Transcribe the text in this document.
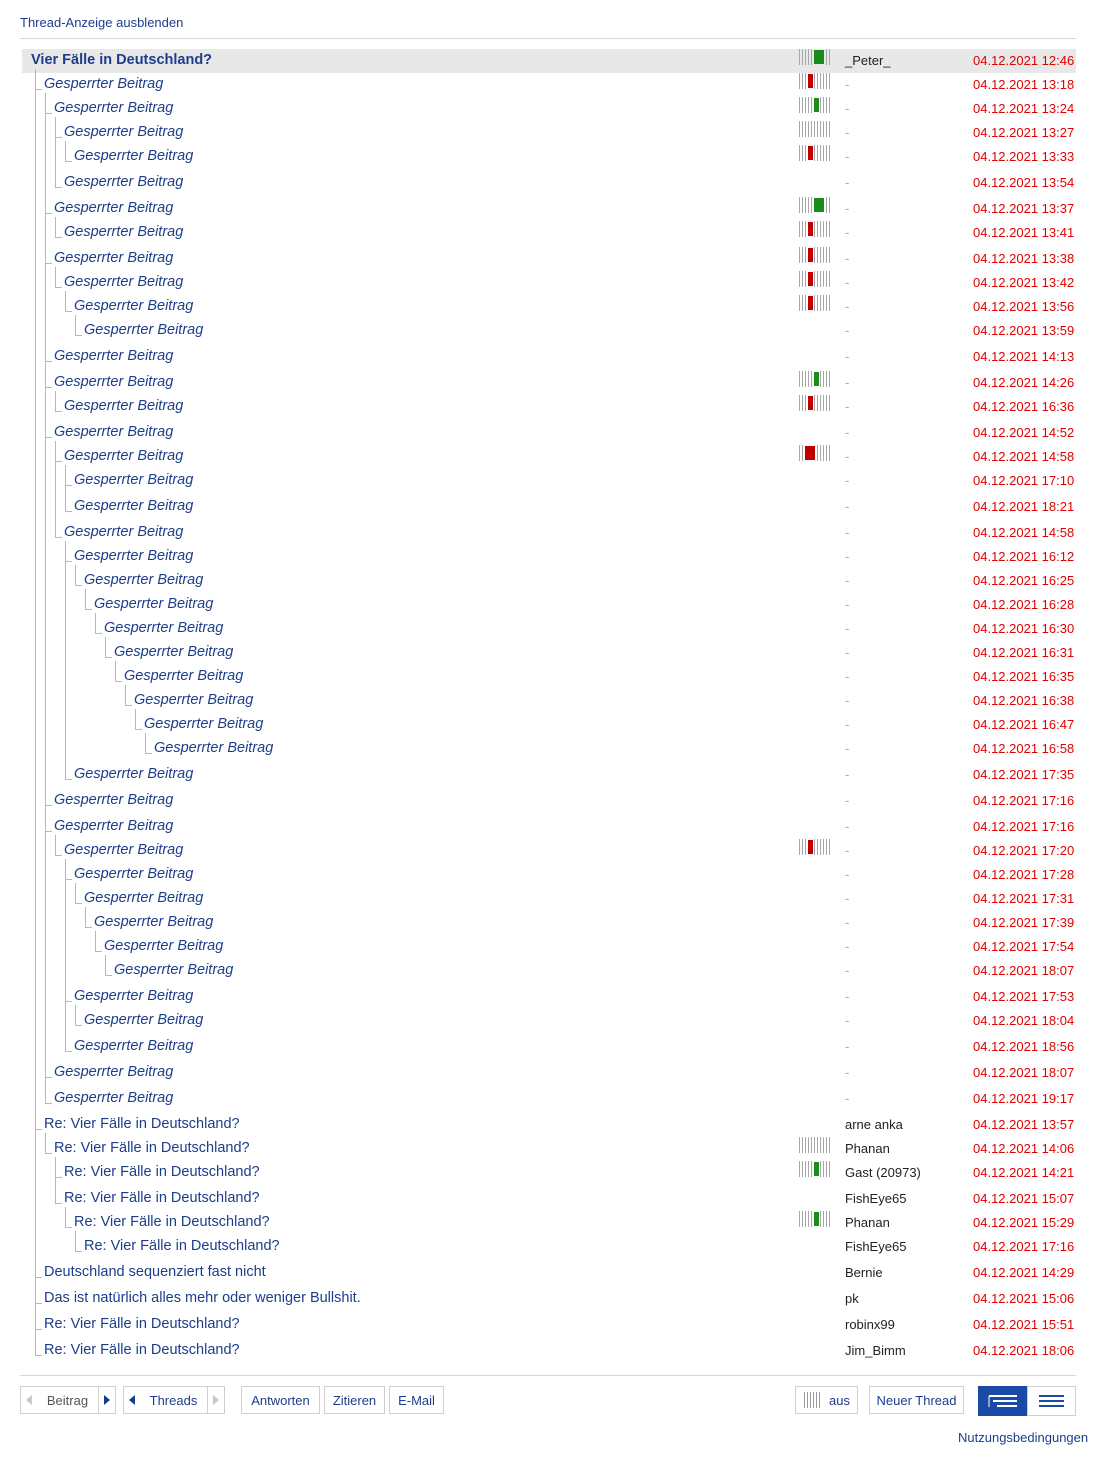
Thread-Anzeige ausblenden
Vier Fälle in Deutschland?	_Peter_	04.12.2021 12:46
Gesperrter Beitrag	-	04.12.2021 13:18
Gesperrter Beitrag	-	04.12.2021 13:24
Gesperrter Beitrag	-	04.12.2021 13:27
Gesperrter Beitrag	-	04.12.2021 13:33
Gesperrter Beitrag	-	04.12.2021 13:54
Gesperrter Beitrag	-	04.12.2021 13:37
Gesperrter Beitrag	-	04.12.2021 13:41
Gesperrter Beitrag	-	04.12.2021 13:38
Gesperrter Beitrag	-	04.12.2021 13:42
Gesperrter Beitrag	-	04.12.2021 13:56
Gesperrter Beitrag	-	04.12.2021 13:59
Gesperrter Beitrag	-	04.12.2021 14:13
Gesperrter Beitrag	-	04.12.2021 14:26
Gesperrter Beitrag	-	04.12.2021 16:36
Gesperrter Beitrag	-	04.12.2021 14:52
Gesperrter Beitrag	-	04.12.2021 14:58
Gesperrter Beitrag	-	04.12.2021 17:10
Gesperrter Beitrag	-	04.12.2021 18:21
Gesperrter Beitrag	-	04.12.2021 14:58
Gesperrter Beitrag	-	04.12.2021 16:12
Gesperrter Beitrag	-	04.12.2021 16:25
Gesperrter Beitrag	-	04.12.2021 16:28
Gesperrter Beitrag	-	04.12.2021 16:30
Gesperrter Beitrag	-	04.12.2021 16:31
Gesperrter Beitrag	-	04.12.2021 16:35
Gesperrter Beitrag	-	04.12.2021 16:38
Gesperrter Beitrag	-	04.12.2021 16:47
Gesperrter Beitrag	-	04.12.2021 16:58
Gesperrter Beitrag	-	04.12.2021 17:35
Gesperrter Beitrag	-	04.12.2021 17:16
Gesperrter Beitrag	-	04.12.2021 17:16
Gesperrter Beitrag	-	04.12.2021 17:20
Gesperrter Beitrag	-	04.12.2021 17:28
Gesperrter Beitrag	-	04.12.2021 17:31
Gesperrter Beitrag	-	04.12.2021 17:39
Gesperrter Beitrag	-	04.12.2021 17:54
Gesperrter Beitrag	-	04.12.2021 18:07
Gesperrter Beitrag	-	04.12.2021 17:53
Gesperrter Beitrag	-	04.12.2021 18:04
Gesperrter Beitrag	-	04.12.2021 18:56
Gesperrter Beitrag	-	04.12.2021 18:07
Gesperrter Beitrag	-	04.12.2021 19:17
Re: Vier Fälle in Deutschland?	arne anka	04.12.2021 13:57
Re: Vier Fälle in Deutschland?	Phanan	04.12.2021 14:06
Re: Vier Fälle in Deutschland?	Gast (20973)	04.12.2021 14:21
Re: Vier Fälle in Deutschland?	FishEye65	04.12.2021 15:07
Re: Vier Fälle in Deutschland?	Phanan	04.12.2021 15:29
Re: Vier Fälle in Deutschland?	FishEye65	04.12.2021 17:16
Deutschland sequenziert fast nicht	Bernie	04.12.2021 14:29
Das ist natürlich alles mehr oder weniger Bullshit.	pk	04.12.2021 15:06
Re: Vier Fälle in Deutschland?	robinx99	04.12.2021 15:51
Re: Vier Fälle in Deutschland?	Jim_Bimm	04.12.2021 18:06
Beitrag	Threads	Antworten Zitieren E-Mail	aus Neuer Thread
Nutzungsbedingungen
